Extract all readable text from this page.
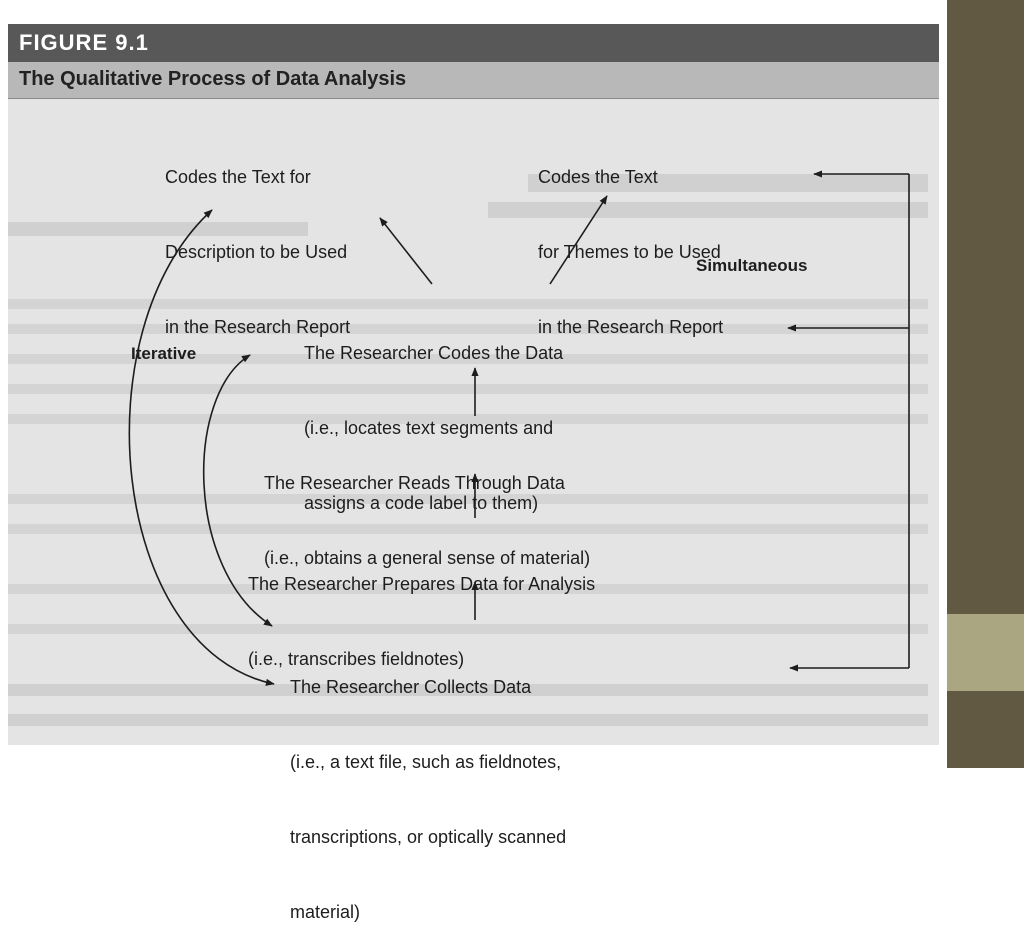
FIGURE 9.1
The Qualitative Process of Data Analysis

Codes the Text for

Description to be Used

in the Research Report

Codes the Text

for Themes to be Used

in the Research Report

The Researcher Codes the Data

(i.e., locates text segments and

assigns a code label to them)

The Researcher Reads Through Data

(i.e., obtains a general sense of material)

The Researcher Prepares Data for Analysis

(i.e., transcribes fieldnotes)

The Researcher Collects Data

(i.e., a text file, such as fieldnotes,

transcriptions, or optically scanned

material)

Iterative
Simultaneous
